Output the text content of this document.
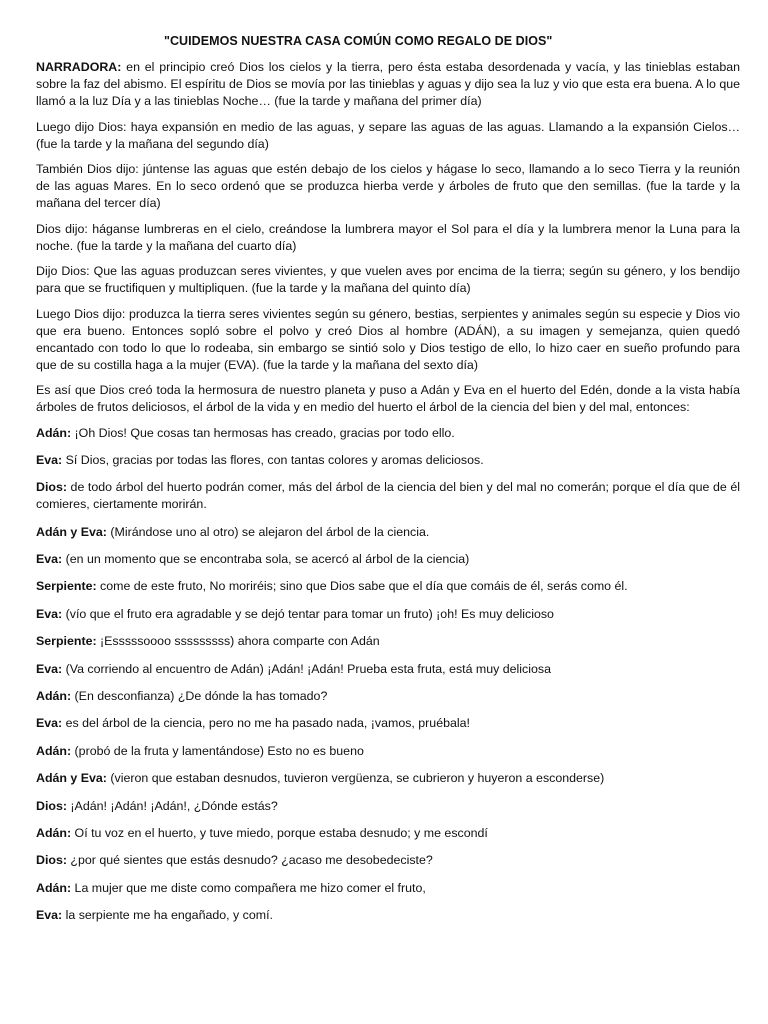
"CUIDEMOS NUESTRA CASA COMÚN COMO REGALO DE DIOS"
NARRADORA: en el principio creó Dios los cielos y la tierra, pero ésta estaba desordenada y vacía, y las tinieblas estaban sobre la faz del abismo. El espíritu de Dios se movía por las tinieblas y aguas y dijo sea la luz y vio que esta era buena. A lo que llamó a la luz Día y a las tinieblas Noche… (fue la tarde y mañana del primer día)
Luego dijo Dios: haya expansión en medio de las aguas, y separe las aguas de las aguas. Llamando a la expansión Cielos… (fue la tarde y la mañana del segundo día)
También Dios dijo: júntense las aguas que estén debajo de los cielos y hágase lo seco, llamando a lo seco Tierra y la reunión de las aguas Mares. En lo seco ordenó que se produzca hierba verde y árboles de fruto que den semillas. (fue la tarde y la mañana del tercer día)
Dios dijo: háganse lumbreras en el cielo, creándose la lumbrera mayor el Sol para el día y la lumbrera menor la Luna para la noche. (fue la tarde y la mañana del cuarto día)
Dijo Dios: Que las aguas produzcan seres vivientes, y que vuelen aves por encima de la tierra; según su género, y los bendijo para que se fructifiquen y multipliquen. (fue la tarde y la mañana del quinto día)
Luego Dios dijo: produzca la tierra seres vivientes según su género, bestias, serpientes y animales según su especie y Dios vio que era bueno. Entonces sopló sobre el polvo y creó Dios al hombre (ADÁN), a su imagen y semejanza, quien quedó encantado con todo lo que lo rodeaba, sin embargo se sintió solo y Dios testigo de ello, lo hizo caer en sueño profundo para que de su costilla haga a la mujer (EVA). (fue la tarde y la mañana del sexto día)
Es así que Dios creó toda la hermosura de nuestro planeta y puso a Adán y Eva en el huerto del Edén, donde a la vista había árboles de frutos deliciosos, el árbol de la vida y en medio del huerto el árbol de la ciencia del bien y del mal, entonces:
Adán: ¡Oh Dios! Que cosas tan hermosas has creado, gracias por todo ello.
Eva: Sí Dios, gracias por todas las flores, con tantas colores y aromas deliciosos.
Dios: de todo árbol del huerto podrán comer, más del árbol de la ciencia del bien y del mal no comerán; porque el día que de él comieres, ciertamente morirán.
Adán y Eva: (Mirándose uno al otro) se alejaron del árbol de la ciencia.
Eva: (en un momento que se encontraba sola, se acercó al árbol de la ciencia)
Serpiente: come de este fruto, No moriréis; sino que Dios sabe que el día que comáis de él, serás como él.
Eva: (vío que el fruto era agradable y se dejó tentar para tomar un fruto) ¡oh! Es muy delicioso
Serpiente: ¡Esssssoooo sssssssss) ahora comparte con Adán
Eva: (Va corriendo al encuentro de Adán) ¡Adán! ¡Adán! Prueba esta fruta, está muy deliciosa
Adán: (En desconfianza) ¿De dónde la has tomado?
Eva: es del árbol de la ciencia, pero no me ha pasado nada, ¡vamos, pruébala!
Adán: (probó de la fruta y lamentándose) Esto no es bueno
Adán y Eva: (vieron que estaban desnudos, tuvieron vergüenza, se cubrieron y huyeron a esconderse)
Dios: ¡Adán! ¡Adán! ¡Adán!, ¿Dónde estás?
Adán: Oí tu voz en el huerto, y tuve miedo, porque estaba desnudo; y me escondí
Dios: ¿por qué sientes que estás desnudo? ¿acaso me desobedeciste?
Adán: La mujer que me diste como compañera me hizo comer el fruto,
Eva: la serpiente me ha engañado, y comí.
